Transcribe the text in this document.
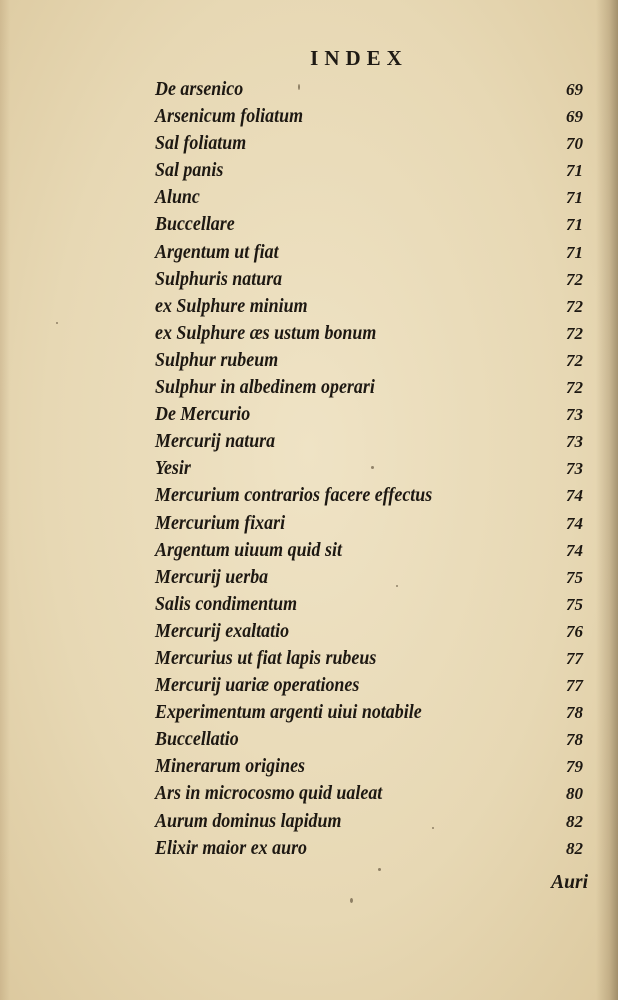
INDEX
De arsenico	69
Arsenicum foliatum	69
Sal foliatum	70
Sal panis	71
Alunc	71
Buccellare	71
Argentum ut fiat	71
Sulphuris natura	72
ex Sulphure minium	72
ex Sulphure æs ustum bonum	72
Sulphur rubeum	72
Sulphur in albedinem operari	72
De Mercurio	73
Mercurij natura	73
Yesir	73
Mercurium contrarios facere effectus	74
Mercurium fixari	74
Argentum uiuum quid sit	74
Mercurij uerba	75
Salis condimentum	75
Mercurij exaltatio	76
Mercurius ut fiat lapis rubeus	77
Mercurij uariæ operationes	77
Experimentum argenti uiui notabile	78
Buccellatio	78
Minerarum origines	79
Ars in microcosmo quid ualeat	80
Aurum dominus lapidum	82
Elixir maior ex auro	82
Auri
